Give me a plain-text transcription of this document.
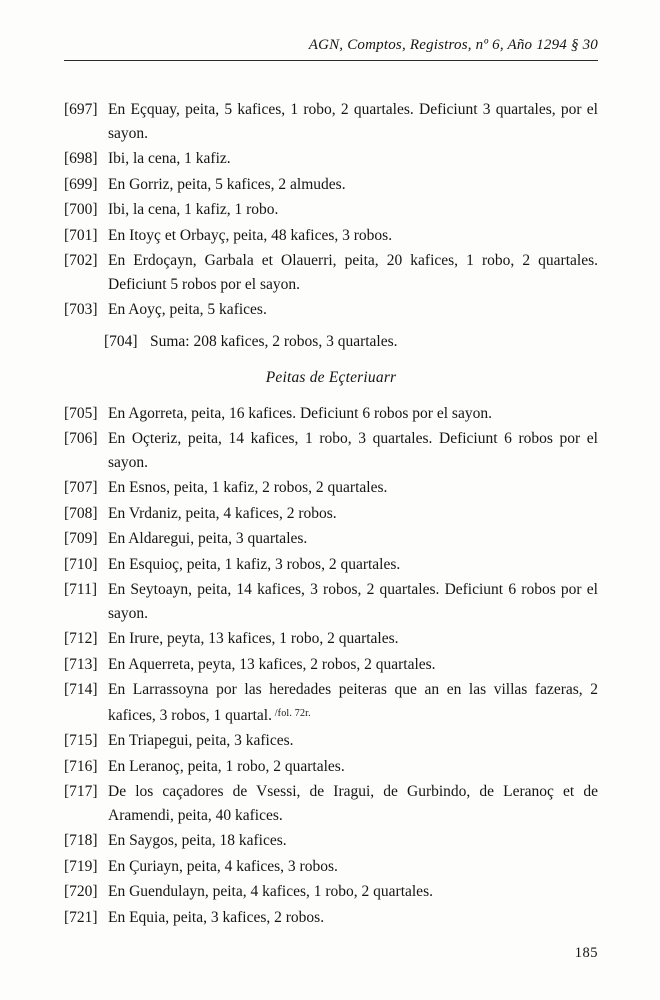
AGN, Comptos, Registros, nº 6, Año 1294 § 30
[697] En Eçquay, peita, 5 kafices, 1 robo, 2 quartales. Deficiunt 3 quartales, por el sayon.
[698] Ibi, la cena, 1 kafiz.
[699] En Gorriz, peita, 5 kafices, 2 almudes.
[700] Ibi, la cena, 1 kafiz, 1 robo.
[701] En Itoyç et Orbayç, peita, 48 kafices, 3 robos.
[702] En Erdoçayn, Garbala et Olauerri, peita, 20 kafices, 1 robo, 2 quartales. Deficiunt 5 robos por el sayon.
[703] En Aoyç, peita, 5 kafices.
[704] Suma: 208 kafices, 2 robos, 3 quartales.
Peitas de Eçteriuarr
[705] En Agorreta, peita, 16 kafices. Deficiunt 6 robos por el sayon.
[706] En Oçteriz, peita, 14 kafices, 1 robo, 3 quartales. Deficiunt 6 robos por el sayon.
[707] En Esnos, peita, 1 kafiz, 2 robos, 2 quartales.
[708] En Vrdaniz, peita, 4 kafices, 2 robos.
[709] En Aldaregui, peita, 3 quartales.
[710] En Esquioç, peita, 1 kafiz, 3 robos, 2 quartales.
[711] En Seytoayn, peita, 14 kafices, 3 robos, 2 quartales. Deficiunt 6 robos por el sayon.
[712] En Irure, peyta, 13 kafices, 1 robo, 2 quartales.
[713] En Aquerreta, peyta, 13 kafices, 2 robos, 2 quartales.
[714] En Larrassoyna por las heredades peiteras que an en las villas fazeras, 2 kafices, 3 robos, 1 quartal. $^{/fol. 72r.}$
[715] En Triapegui, peita, 3 kafices.
[716] En Leranoç, peita, 1 robo, 2 quartales.
[717] De los caçadores de Vsessi, de Iragui, de Gurbindo, de Leranoç et de Aramendi, peita, 40 kafices.
[718] En Saygos, peita, 18 kafices.
[719] En Çuriayn, peita, 4 kafices, 3 robos.
[720] En Guendulayn, peita, 4 kafices, 1 robo, 2 quartales.
[721] En Equia, peita, 3 kafices, 2 robos.
185
